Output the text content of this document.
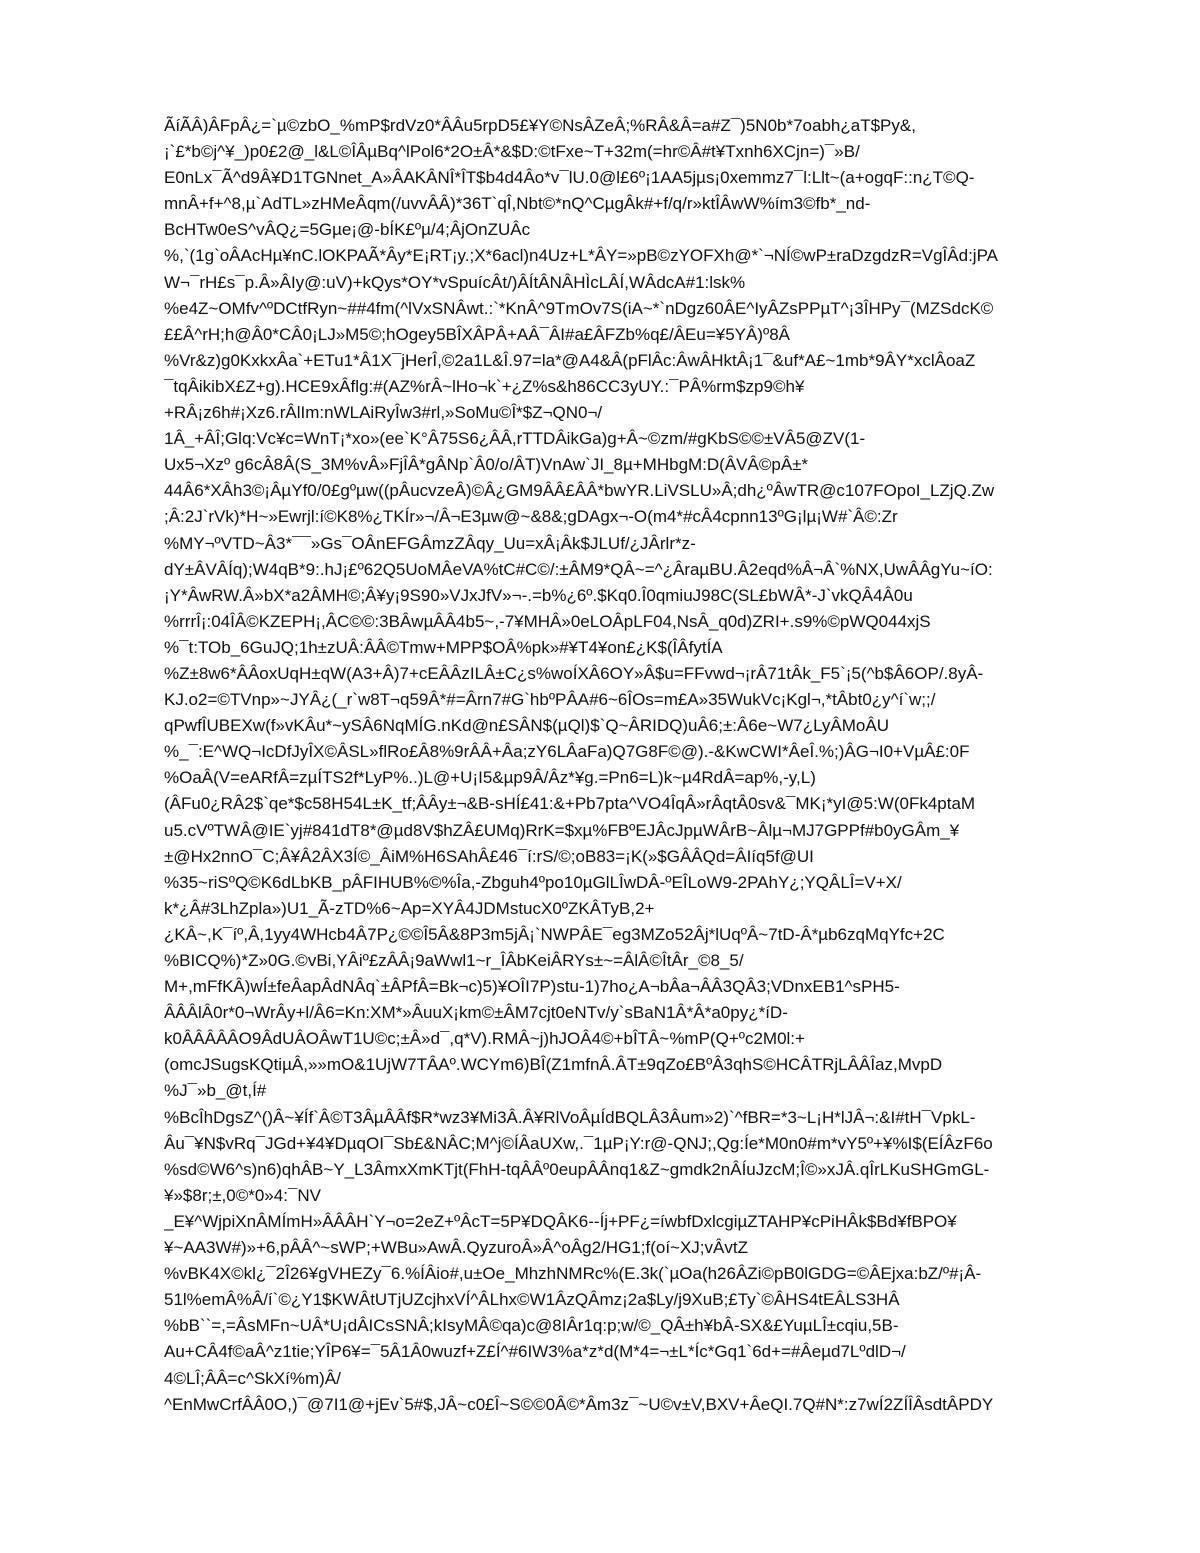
ÃíÃÂ)ÂFpÂ¿=`µ©zbO_%mP$rdVz0*ÂÂu5rpD5£¥Y©NsÂZeÂ;%RÂ&Â=a#Z¯)5N0b*7oabh¿aT$Py&,
¡`£*b©j^¥_)p0£2@_l&L©ÎÂµBq^lPol6*2O±Â*&$D:©tFxe~T+32m(=hr©Â#t¥Txnh6XCjn=)¯»B/
E0nLx¯Ã^d9Â¥D1TGNnet_A»ÂAKÂNÎ*ÎT$b4d4Âo*v¯lU.0@l£6º¡1AA5jµs¡0xemmz7¯l:Llt~(a+ogqF::n¿T©Q-
mnÂ+f+^8,µ`AdTL»zHMeÂqm(/uvvÂÂ)*36T`qÎ,Nbt©*nQ^CµgÂk#+f/q/r»ktÎÂwW%ím3©fb*_nd-
BcHTw0eS^vÂQ¿=5Gµe¡@-bÍK£ºµ/4;ÂjOnZUÂc
%,`(1g`oÂAcHµ¥nC.lOKPAÃ*Ây*E¡RT¡y.;X*6acl)n4Uz+L*ÂY=»pB©zYOFXh@*`¬NÍ©wP±raDzgdzR=VgÎÂd:jPA
W¬¯rH£s¯p.Â»ÂIy@:uV)+kQys*OY*vSpuícÂt/)ÂÍtÂNÂHÌcLÂÍ,WÂdcA#1:lsk%
%e4Z~OMfv^ºDCtfRyn~##4fm(^lVxSNÂwt.:`*KnÂ^9TmOv7S(iA~*`nDgz60ÂE^IyÂZsPPµT^¡3ÎHPy¯(MZSdcK©
££Â^rH;h@Â0*CÂ0¡LJ»M5©;hOgey5BÎXÂPÂ+AÂ¯ÂI#a£ÂFZb%q£/ÂEu=¥5YÂ)º8Â
%Vr&z)g0KxkxÂa`+ETu1*Â1X¯jHerÎ,©2a1L&Î.97=la*@A4&Â(pFlÂc:ÂwÂHktÂ¡1¯&uf*A£~1mb*9ÂY*xclÂoaZ
¯tqÂikibX£Z+g).HCE9xÂflg:#(AZ%rÂ~lHo¬k`+¿Z%s&h86CC3yUY.:¯PÂ%rm$zp9©h¥
+RÂ¡z6h#¡Xz6.rÂlIm:nWLAiRyÎw3#rl,»SoMu©Î*$Z¬QN0¬/
1Â_+ÂÎ;Glq:Vc¥c=WnT¡*xo»(ee`K°Â75S6¿ÂÂ,rTTDÂikGa)g+Â~©zm/#gKbS©©±VÂ5@ZV(1-
Ux5¬Xzº g6cÂ8Â(S_3M%vÂ»FjÎÂ*gÂNp`Â0/o/ÂT)VnAw`JI_8µ+MHbgM:D(ÂVÂ©pÂ±*
44Â6*XÂh3©¡ÂµYf0/0£gºµw((pÂucvzeÂ)©Â¿GM9ÂÂ£ÂÂ*bwYR.LiVSLU»Â;dh¿ºÂwTR@c107FOpoI_LZjQ.Zw
;Â:2J`rVk)*H~»Ewrjl:í©K8%¿TKÍr»¬/Â¬E3µw@~&8&;gDAgx¬-O(m4*#cÂ4cpnn13ºG¡lµ¡W#`Â©:Zr
%MY¬ºVTD~Â3*¯¯»Gs¯OÂnEFGÂmzZÂqy_Uu=xÂ¡Âk$JLUf/¿JÂrlr*z-
dY±ÂVÂÍq);W4qB*9:.hJ¡£º62Q5UoMÂeVA%tC#C©/:±ÂM9*QÂ~=^¿ÂraµBU.Â2eqd%Â¬Â`%NX,UwÂÂgYu~íO:
¡Y*ÂwRW.Â»bX*a2ÂMH©;Â¥y¡9S90»VJxJfV»¬-.=b%¿6º.$Kq0.Î0qmiuJ98C(SL£bWÂ*-J`vkQÂ4Â0u
%rrrÎ¡:04ÎÂ©KZEPH¡,ÂC©©:3BÂwµÂÂ4b5~,-7¥MHÂ»0eLOÂpLF04,NsÂ_q0d)ZRI+.s9%©pWQ044xjS
%¯t:TOb_6GuJQ;1h±zUÂ:ÂÂ©Tmw+MPP$OÂ%pk»#¥T4¥on£¿K$(ÎÂfytÍA
%Z±8w6*ÂÂoxUqH±qW(A3+Â)7+cEÂÂzILÂ±C¿s%woÍXÂ6OY»Â$u=FFvwd¬¡rÂ71tÂk_F5`¡5(^b$Â6OP/.8yÂ-
KJ.o2=©TVnp»~JYÂ¿(_r`w8T¬q59Â*#=Ârn7#G`hbºPÂA#6~6ÎOs=m£A»35WukVc¡Kgl¬,*tÂbt0¿y^í`w;;/
qPwfÎUBEXw(f»vKÂu*~ySÂ6NqMÍG.nKd@n£SÂN$(µQl)$`Q~ÂRIDQ)uÂ6;±:Â6e~W7¿LyÂMoÂU
%_¯:E^WQ¬IcDfJyÎX©ÂSL»flRo£Â8%9rÂÂ+Âa;zY6LÂaFa)Q7G8F©@).-&KwCWI*ÂeÎ.%;)ÂG¬I0+VµÂ£:0F
%OaÂ(V=eARfÂ=zµÍTS2f*LyP%..)L@+U¡I5&µp9Â/Âz*¥g.=Pn6=L)k~µ4RdÂ=ap%,-y,L)
(ÂFu0¿RÂ2$`qe*$c58H54L±K_tf;ÂÂy±¬&B-sHÍ£41:&+Pb7pta^VO4ÎqÂ»rÂqtÂ0sv&¯MK¡*yI@5:W(0Fk4ptaM
u5.cVºTWÂ@IE`yj#841dT8*@µd8V$hZÂ£UMq)RrK=$xµ%FBºEJÂcJpµWÂrB~Âlµ¬MJ7GPPf#b0yGÂm_¥
±@Hx2nnO¯C;Â¥Â2ÂX3Í©_ÂiM%H6SAhÂ£46¯í:rS/©;oB83=¡K(»$GÂÂQd=ÂIíq5f@UI
%35~riSºQ©K6dLbKB_pÂFIHUB%©%Îa,-Zbguh4ºpo10µGlLÎwDÂ-ºEÎLoW9-2PAhY¿;YQÂLÎ=V+X/
k*¿Â#3LhZpla»)U1_Ã-zTD%6~Ap=XYÂ4JDMstucX0ºZKÂTyB,2+
¿KÂ~,K¯íº,Â,1yy4WHcb4Â7P¿©©Î5Â&8P3m5jÂ¡`NWPÂE¯eg3MZo52Âj*lUqºÂ~7tD-Â*µb6zqMqYfc+2C
%BICQ%)*Z»0G.©vBi,YÂiº£zÂÂ¡9aWwl1~r_ÎÂbKeiÂRYs±~=ÂlÂ©ÎtÂr_©8_5/
M+,mFfKÂ)wÍ±feÂapÂdNÂq`±ÂPfÂ=Bk¬c)5)¥OÎI7P)stu-1)7ho¿A¬bÂa¬ÂÂ3QÂ3;VDnxEB1^sPH5-
ÂÂÂlÂ0r*0¬WrÂy+l/Â6=Kn:XM*»ÂuuX¡km©±ÂM7cjt0eNTv/y`sBaN1Â*Â*a0py¿*íD-
k0ÂÂÂÂÂO9ÂdUÂOÂwT1U©c;±Â»d¯,q*V).RMÂ~j)hJOÂ4©+bÎTÂ~%mP(Q+ºc2M0l:+
(omcJSugsKQtiµÂ,»»mO&1UjW7TÂAº.WCYm6)BÎ(Z1mfnÂ.ÂT±9qZo£BºÂ3qhS©HCÂTRjLÂÂÎaz,MvpD
%J¯»b_@t,Í#
%BcÎhDgsZ^()Â~¥Íf`Â©T3ÂµÂÂf$R*wz3¥Mi3Â.Â¥RlVoÂµÍdBQLÂ3Âum»2)`^fBR=*3~L¡H*lJÂ¬:&I#tH¯VpkL-
Âu¯¥N$vRq¯JGd+¥4¥DµqOI¯Sb£&NÂC;M^j©ÍÂaUXw,.¯1µP¡Y:r@-QNJ;,Qg:Íe*M0n0#m*vY5º+¥%I$(EÍÂzF6o
%sd©W6^s)n6)qhÂB~Y_L3ÂmxXmKTjt(FhH-tqÂÂº0eupÂÂnq1&Z~gmdk2nÂÍuJzcM;Î©»xJÂ.qÎrLKuSHGmGL-
¥»$8r;±,0©*0»4:¯NV
_E¥^WjpiXnÂMÍmH»ÂÂÂH`Y¬o=2eZ+ºÂcT=5P¥DQÂK6--Íj+PF¿=íwbfDxlcgiµZTAHP¥cPiHÂk$Bd¥fBPO¥
¥~AA3W#)»+6,pÂÂ^~sWP;+WBu»AwÂ.QyzuroÂ»Â^oÂg2/HG1;f(oí~XJ;vÂvtZ
%vBK4X©kl¿¯2Î26¥gVHEZy¯6.%ÍÂio#,u±Oe_MhzhNMRc%(E.3k(`µOa(h26ÂZi©pB0lGDG=©ÂEjxa:bZ/º#¡Â-
51l%emÂ%Â/í`©¿Y1$KWÂtUTjUZcjhxVÍ^ÂLhx©W1ÂzQÂmz¡2a$Ly/j9XuB;£Ty`©ÂHS4tEÂLS3HÂ
%bB``=,=ÂsMFn~UÂ*U¡dÂICsSNÂ;kIsyMÂ©qa)c@8IÂr1q:p;w/©_QÂ±h¥bÂ-SX&£YuµLÎ±cqiu,5B-
Au+CÂ4f©aÂ^z1tie;YÎP6¥=¯5Â1Â0wuzf+Z£Í^#6IW3%a*z*d(M*4=¬±L*Íc*Gq1`6d+=#Âeµd7LºdlD¬/
4©LÎ;ÂÂ=c^SkXí%m)Â/
^EnMwCrfÂÂ0O,)¯@7I1@+jEv`5#$,JÂ~c0£Î~S©©0Â©*Âm3z¯~U©v±V,BXV+ÂeQI.7Q#N*:z7wÍ2ZÍÎÂsdtÂPDY
